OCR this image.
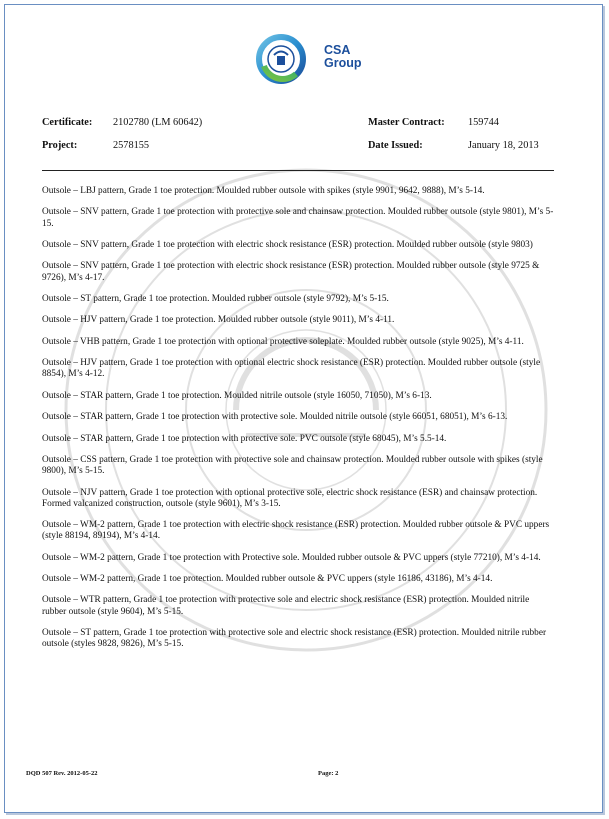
CSA
Group
Certificate: 2102780 (LM 60642)
Project:	2578155
Master Contract: 159744
Date Issued:	January 18, 2013

Outsole – LBJ pattern, Grade 1 toe protection. Moulded rubber outsole with spikes (style 9901, 9642, 9888), M’s 5-14.

Outsole – SNV pattern, Grade 1 toe protection with protective sole and chainsaw protection. Moulded rubber outsole (style 9801), M’s 5-15.

Outsole – SNV pattern, Grade 1 toe protection with electric shock resistance (ESR) protection. Moulded rubber outsole (style 9803)

Outsole – SNV pattern, Grade 1 toe protection with electric shock resistance (ESR) protection. Moulded rubber outsole (style 9725 & 9726), M’s 4-17.

Outsole – ST pattern, Grade 1 toe protection. Moulded rubber outsole (style 9792), M’s 5-15.

Outsole – HJV pattern, Grade 1 toe protection. Moulded rubber outsole (style 9011), M’s 4-11.

Outsole – VHB pattern, Grade 1 toe protection with optional protective soleplate. Moulded rubber outsole (style 9025), M’s 4-11.

Outsole – HJV pattern, Grade 1 toe protection with optional electric shock resistance (ESR) protection. Moulded rubber outsole (style 8854), M’s 4-12.

Outsole – STAR pattern, Grade 1 toe protection. Moulded nitrile outsole (style 16050, 71050), M’s 6-13.

Outsole – STAR pattern, Grade 1 toe protection with protective sole. Moulded nitrile outsole (style 66051, 68051), M’s 6-13.

Outsole – STAR pattern, Grade 1 toe protection with protective sole. PVC outsole (style 68045), M’s 5.5-14.

Outsole – CSS pattern, Grade 1 toe protection with protective sole and chainsaw protection. Moulded rubber outsole with spikes (style 9800), M’s 5-15.

Outsole – NJV pattern, Grade 1 toe protection with optional protective sole, electric shock resistance (ESR) and chainsaw protection. Formed valcanized construction, outsole (style 9601), M’s 3-15.

Outsole – WM-2 pattern, Grade 1 toe protection with electric shock resistance (ESR) protection. Moulded rubber outsole & PVC uppers (style 88194, 89194), M’s 4-14.

Outsole – WM-2 pattern, Grade 1 toe protection with Protective sole. Moulded rubber outsole & PVC uppers (style 77210), M’s 4-14.

Outsole – WM-2 pattern, Grade 1 toe protection. Moulded rubber outsole & PVC uppers (style 16186, 43186), M’s 4-14.

Outsole – WTR pattern, Grade 1 toe protection with protective sole and electric shock resistance (ESR) protection. Moulded nitrile rubber outsole (style 9604), M’s 5-15.

Outsole – ST pattern, Grade 1 toe protection with protective sole and electric shock resistance (ESR) protection. Moulded nitrile rubber outsole (styles 9828, 9826), M’s 5-15.

DQD 507 Rev. 2012-05-22	Page: 2
